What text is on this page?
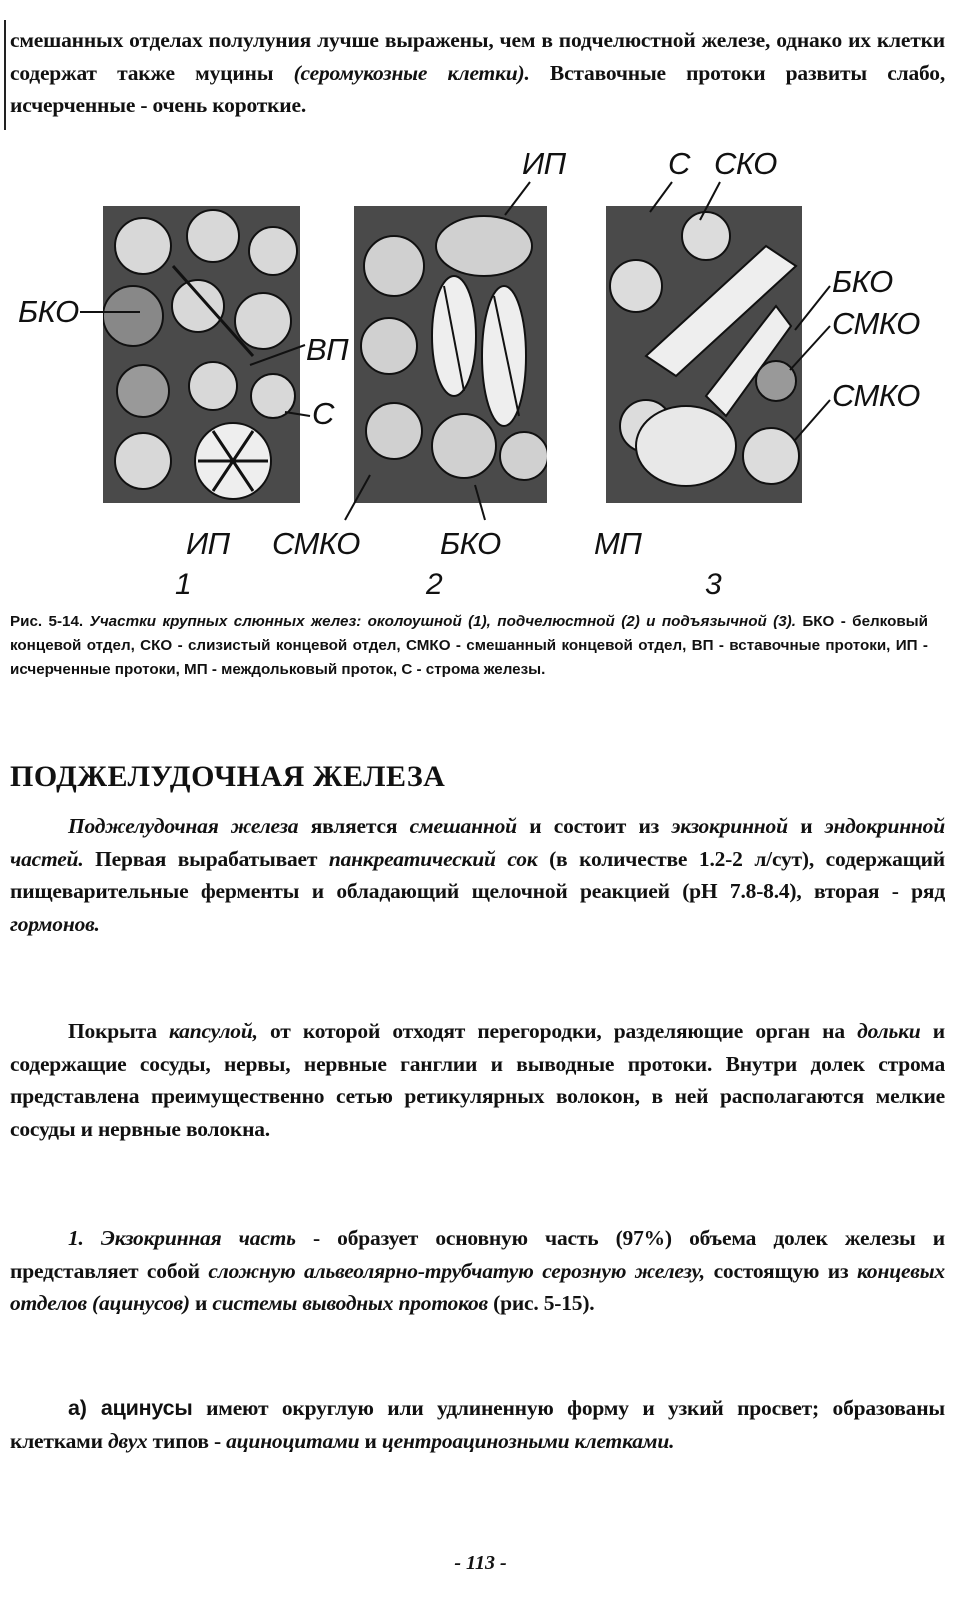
смешанных отделах полулуния лучше выражены, чем в подчелюстной железе, однако их клетки содержат также муцины (серомукозные клетки). Вставочные протоки развиты слабо, исчерченные - очень короткие.
ИП	С СКО
БКО
ВП
С
БКО
СМКО
СМКО
ИП СМКО	БКО	МП
1	2	3
Рис. 5-14. Участки крупных слюнных желез: околоушной (1), подчелюстной (2) и подъязычной (3). БКО - белковый концевой отдел, СКО - слизистый концевой отдел, СМКО - смешанный концевой отдел, ВП - вставочные протоки, ИП - исчерченные протоки, МП - междольковый проток, С - строма железы.
ПОДЖЕЛУДОЧНАЯ ЖЕЛЕЗА
Поджелудочная железа является смешанной и состоит из экзокринной и эндокринной частей. Первая вырабатывает панкреатический сок (в количестве 1.2-2 л/сут), содержащий пищеварительные ферменты и обладающий щелочной реакцией (pH 7.8-8.4), вторая - ряд гормонов.
Покрыта капсулой, от которой отходят перегородки, разделяющие орган на дольки и содержащие сосуды, нервы, нервные ганглии и выводные протоки. Внутри долек строма представлена преимущественно сетью ретикулярных волокон, в ней располагаются мелкие сосуды и нервные волокна.
1. Экзокринная часть - образует основную часть (97%) объема долек железы и представляет собой сложную альвеолярно-трубчатую серозную железу, состоящую из концевых отделов (ацинусов) и системы выводных протоков (рис. 5-15).
а) ацинусы имеют округлую или удлиненную форму и узкий просвет; образованы клетками двух типов - ациноцитами и центроацинозными клетками.
- 113 -
